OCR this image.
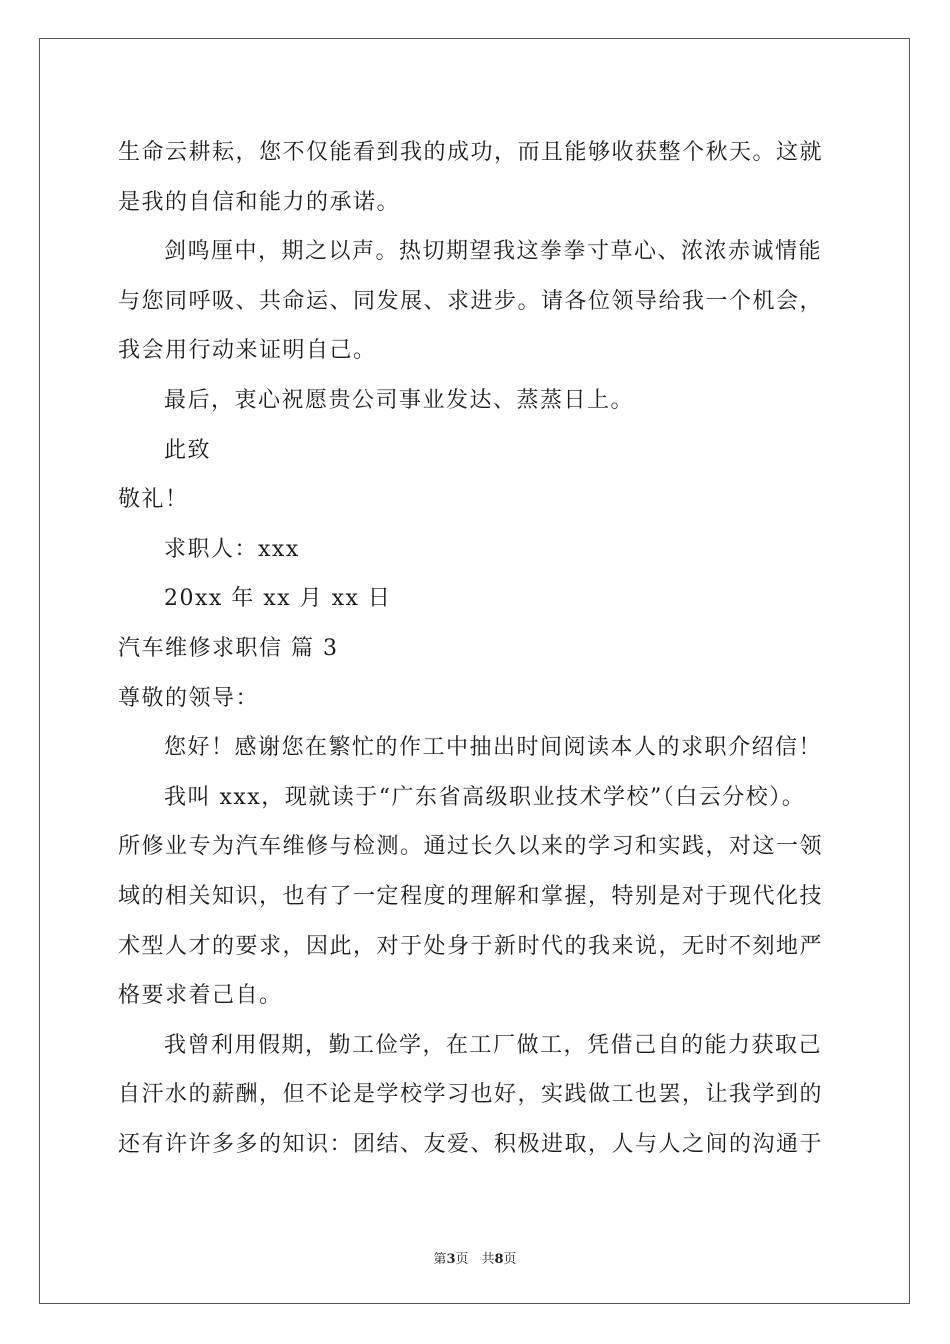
生命云耕耘，您不仅能看到我的成功，而且能够收获整个秋天。这就
是我的自信和能力的承诺。
剑鸣厘中，期之以声。热切期望我这拳拳寸草心、浓浓赤诚情能
与您同呼吸、共命运、同发展、求进步。请各位领导给我一个机会，
我会用行动来证明自己。
最后，衷心祝愿贵公司事业发达、蒸蒸日上。
此致
敬礼！
求职人：xxx
20xx 年 xx 月 xx 日
汽车维修求职信 篇 3
尊敬的领导：
您好！感谢您在繁忙的作工中抽出时间阅读本人的求职介绍信！
我叫 xxx，现就读于“广东省高级职业技术学校”（白云分校）。
所修业专为汽车维修与检测。通过长久以来的学习和实践，对这一领
域的相关知识，也有了一定程度的理解和掌握，特别是对于现代化技
术型人才的要求，因此，对于处身于新时代的我来说，无时不刻地严
格要求着己自。
我曾利用假期，勤工俭学，在工厂做工，凭借己自的能力获取己
自汗水的薪酬，但不论是学校学习也好，实践做工也罢，让我学到的
还有许许多多的知识：团结、友爱、积极进取，人与人之间的沟通于
第3页　共8页
